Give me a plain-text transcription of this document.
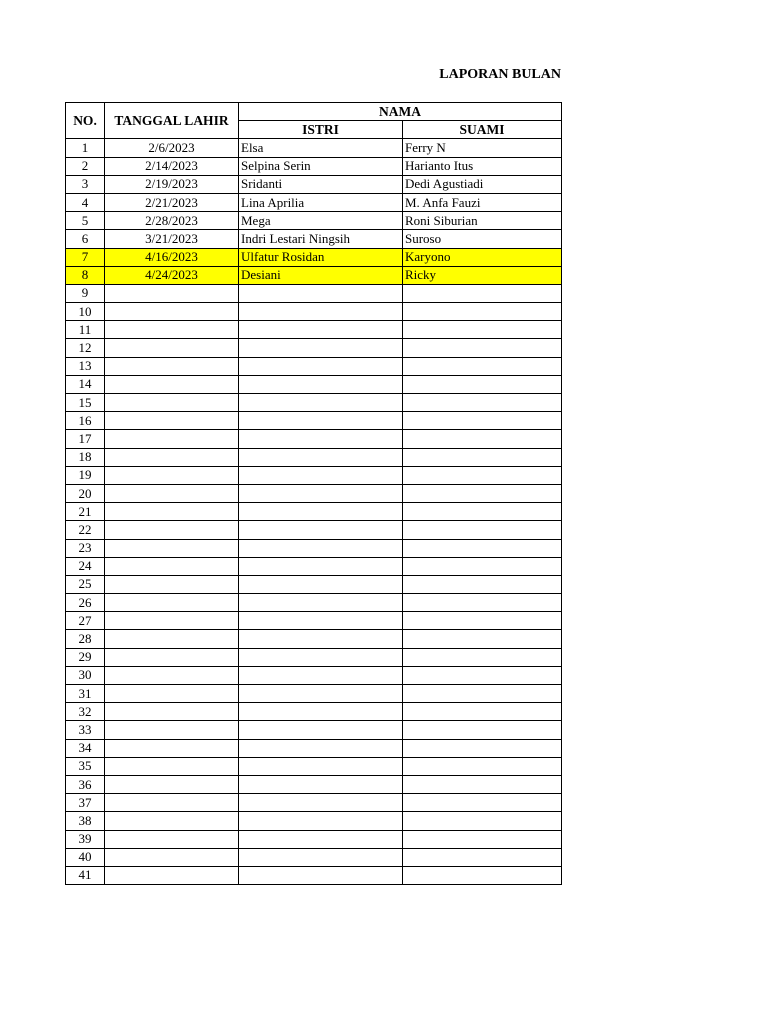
LAPORAN BULAN
NO.	TANGGAL LAHIR	NAMA	
		ISTRI	SUAMI
1	2/6/2023	Elsa	Ferry N
2	2/14/2023	Selpina Serin	Harianto Itus
3	2/19/2023	Sridanti	Dedi Agustiadi
4	2/21/2023	Lina Aprilia	M. Anfa Fauzi
5	2/28/2023	Mega	Roni Siburian
6	3/21/2023	Indri Lestari Ningsih	Suroso
7	4/16/2023	Ulfatur Rosidan	Karyono
8	4/24/2023	Desiani	Ricky
9			
10			
11			
12			
13			
14			
15			
16			
17			
18			
19			
20			
21			
22			
23			
24			
25			
26			
27			
28			
29			
30			
31			
32			
33			
34			
35			
36			
37			
38			
39			
40			
41			
